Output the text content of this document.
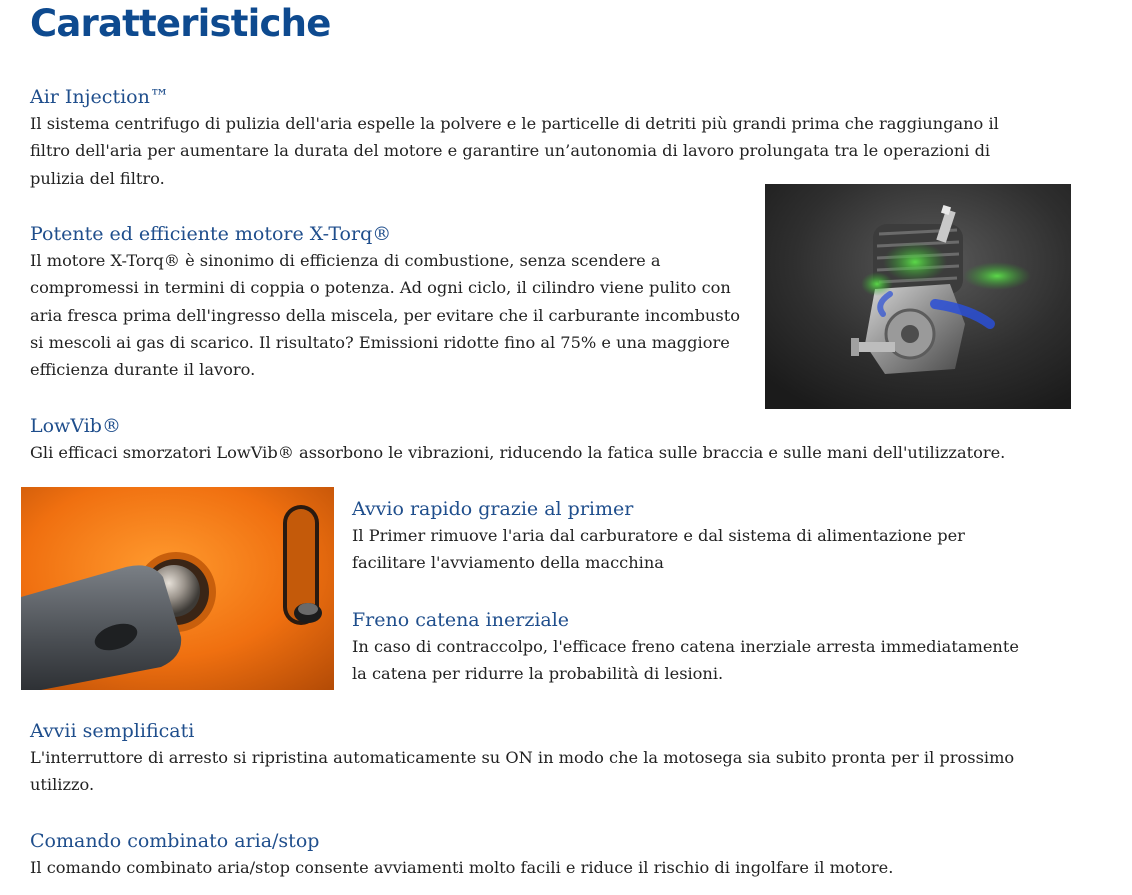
Caratteristiche
Air Injection™

Il sistema centrifugo di pulizia dell'aria espelle la polvere e le particelle di detriti più grandi prima che raggiungano il filtro dell'aria per aumentare la durata del motore e garantire un’autonomia di lavoro prolungata tra le operazioni di pulizia del filtro.

Potente ed efficiente motore X-Torq®

Il motore X-Torq® è sinonimo di efficienza di combustione, senza scendere a compromessi in termini di coppia o potenza. Ad ogni ciclo, il cilindro viene pulito con aria fresca prima dell'ingresso della miscela, per evitare che il carburante incombusto si mescoli ai gas di scarico. Il risultato? Emissioni ridotte fino al 75% e una maggiore efficienza durante il lavoro.

LowVib®

Gli efficaci smorzatori LowVib® assorbono le vibrazioni, riducendo la fatica sulle braccia e sulle mani dell'utilizzatore.

Avvio rapido grazie al primer

Il Primer rimuove l'aria dal carburatore e dal sistema di alimentazione per facilitare l'avviamento della macchina

Freno catena inerziale

In caso di contraccolpo, l'efficace freno catena inerziale arresta immediatamente la catena per ridurre la probabilità di lesioni.

Avvii semplificati

L'interruttore di arresto si ripristina automaticamente su ON in modo che la motosega sia subito pronta per il prossimo utilizzo.

Comando combinato aria/stop

Il comando combinato aria/stop consente avviamenti molto facili e riduce il rischio di ingolfare il motore.
